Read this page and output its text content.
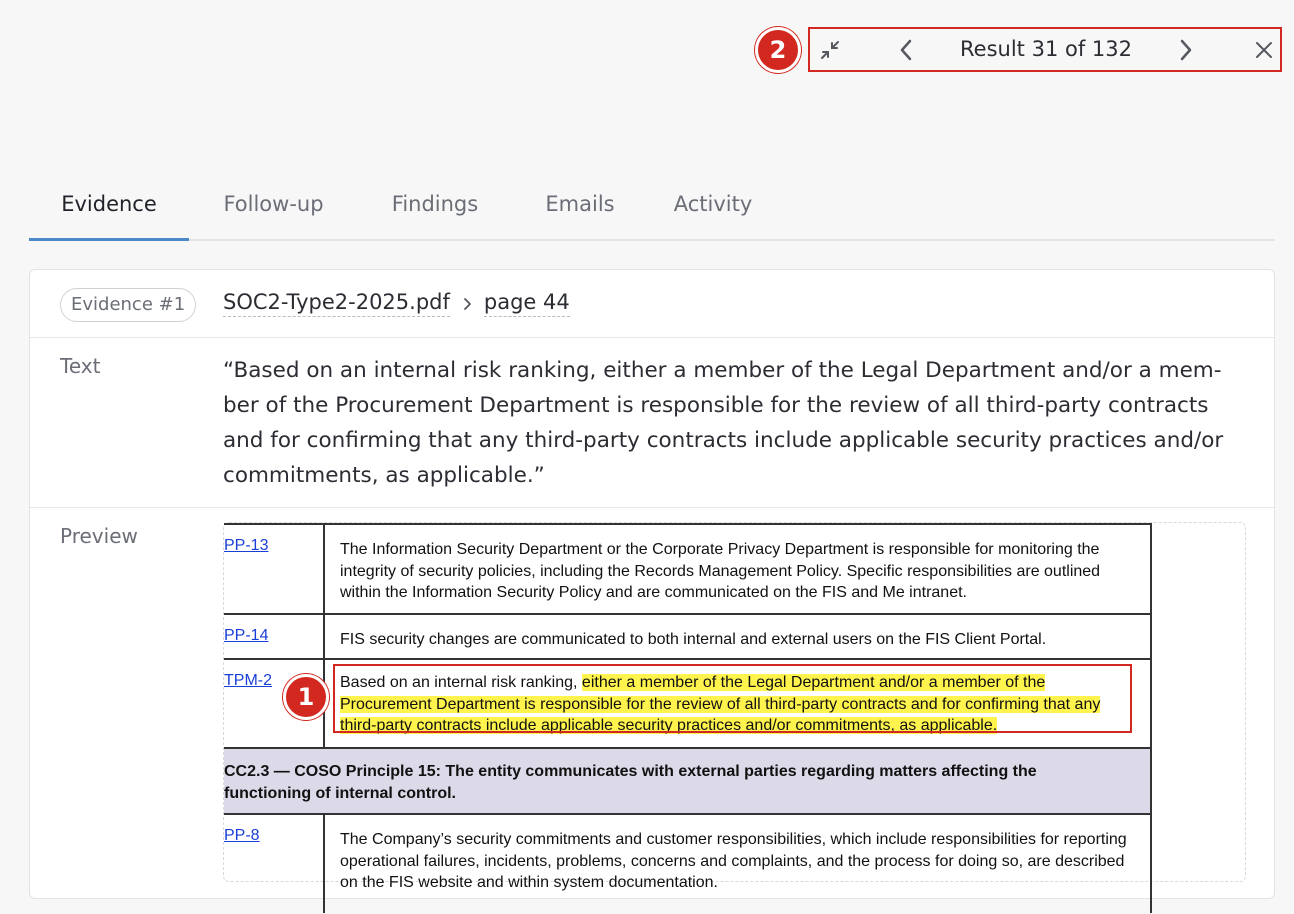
2	Result 31 of 132
Evidence	Follow-up	Findings	Emails	Activity
Evidence #1	SOC2-Type2-2025.pdf page 44
Text	“Based on an internal risk ranking, either a member of the Legal Department and/or a mem-ber of the Procurement Department is responsible for the review of all third-party contracts and for confirming that any third-party contracts include applicable security practices and/or commitments, as applicable.”
Preview	PP-13	The Information Security Department or the Corporate Privacy Department is responsible for monitoring the integrity of security policies, including the Records Management Policy. Specific responsibilities are outlined within the Information Security Policy and are communicated on the FIS and Me intranet.
PP-14	FIS security changes are communicated to both internal and external users on the FIS Client Portal.
TPM-2	Based on an internal risk ranking, either a member of the Legal Department and/or a member of the Procurement Department is responsible for the review of all third-party contracts and for confirming that any third-party contracts include applicable security practices and/or commitments, as applicable.
CC2.3 — COSO Principle 15: The entity communicates with external parties regarding matters affecting the functioning of internal control.
PP-8	The Company’s security commitments and customer responsibilities, which include responsibilities for reporting operational failures, incidents, problems, concerns and complaints, and the process for doing so, are described on the FIS website and within system documentation.
1
